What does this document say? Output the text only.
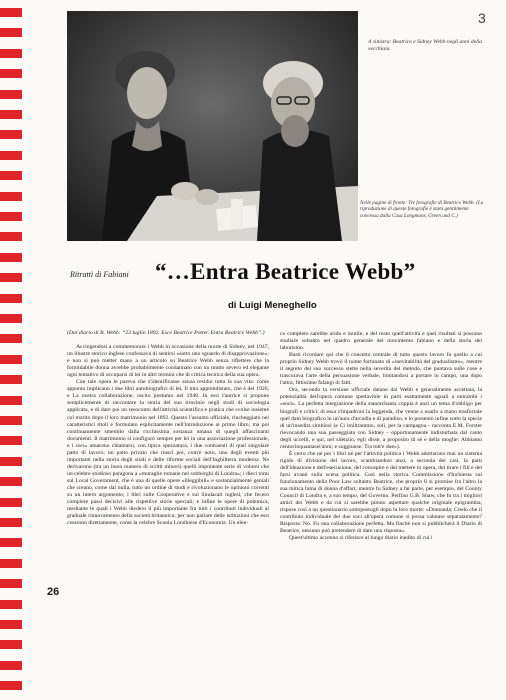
3
A sinistra: Beatrice e Sidney Webb negli anni della vecchiaia.
Nelle pagine di fronte: Tre fotografie di Beatrice Webb. (La riproduzione di queste fotografie è stata gentilmente concessa dalla Casa Longmans, Green and C.)
Ritratti di Fabiani “…Entra Beatrice Webb”
di Luigi Meneghello

(Dal diario di B. Webb: “23 luglio 1892. Esce Beatrice Potter. Entra Beatrice Webb”.)

Accingendosi a commemorare i Webb in occasione della morte di Sidney, nel 1947, un illustre storico inglese confessava di sentirsi «sotto uno sguardo di disapprovazione»: e non si può metter mano a un articolo su Beatrice Webb senza riflettere che la formidabile donna avrebbe probabilmente condannato con un mutto severo ed elegante ogni tentativo di occuparsi di lei in altri termini che di critica tecnica della sua opera.

Con tale opera le pareva che s'identificasse senza residui tutta la sua vita: come appunto implicano i due libri autobiografici di lei, Il mio apprendistato, che è del 1926, e La nostra collaborazione, uscito postumo nel 1948. In essi l'autrice si propone semplicemente di raccontare la storia del suo tirocinio negli studi di sociologia applicata, e di dare poi un resoconto dell'attività scientifica e pratica che svolse insieme col marito dopo il loro matrimonio nel 1892. Questo l'assunto ufficiale, rincheggiato nei caratteristici titoli e formulato esplicitamente nell'introduzione ai primo libro; ma poi continuamente smentito dalla ricchissima sostanza umana di quegli affascinanti documenti. Il matrimonio si configurò sempre per lei in una associazione professionale, e i soci» amarono chiamarsi, con tipica spezzatura, i due contraenti di quel singolare patto di lavoro; un patto privato che riuscì poi, com'è noto, uno degli eventi più importanti nella storia degli studi e delle riforme sociali dell'Inghilterra moderna. Ne derivarono (tra un buon numero di scritti minori) quelli imponente serie di volumi che un celebre studioso paragona a «muraglie romane nei sobborghi di Londra»; i dieci tomi sul Local Government, che è una di quelle opere «illeggibili» e sostanzialmente geniali che creano, come dal nulla, tutto un ordine di studi e rivoluzionano le opinioni correnti su un intero argomento; i libri sulle Cooperative e sui Sindacati inglesi, che fecero compiere passi decisivi alle rispettive storie speciali; e infine le opere di polemica, mediante le quali i Webb diedero il più importante fra tutti i contributi individuali al graduale rinnovamento della società britannica; per non parlare delle istituzioni che essi crearono direttamente, come la celebre Scuola Londinese d'Economia. Un elen-

co completo sarebbe arido e inutile; e del resto quell'attività e quei risultati si possono studiare soltanto nel quadro generale del movimento fabiano e della storia del laburismo.

Basti ricordare qui che il concetto centrale di tutto questo lavoro fu quello a cui proprio Sidney Webb trovò il nome fortunato di «inevitabilità del gradualismo», mentre il segreto del suo successo stette nella severità del metodo, che puntava sulle cose e trascurava l'arte della persuasione verbale, limitandosi a portare in campo, una dopo l'altra, fittissime falangi di fatti.

Ora, secondo la versione ufficiale datane dai Webb e generalmente accettata, la potenzialità dell'opera comune spettavible in parti esattamente uguali a entrambi i «soci». La perfetta integrazione della stanotchauta coppia è anzi un tema d'obbligo per biografi e critici: di essa s'impadronì la leggenda, che venne a usarlo a mano trasforrale quel dato biografico in un'aura d'arcadia e di paradiso, e lo presentò infine sotto la specie di un'insedita simbiosi (e Ci imiltrammo, soli, per la campagna - racconta E.M. Forster rievocando una sua passeggiata con Sidney - opportunamente indisturbata dal canto degli uccelli, e qui, nel silenzio, egli disse, a proposito di sé e della moglie: Abbiamo centocinquantasei'anni; e soggiunse: Tra tutt'e due»).

È certo che né per i libri né per l'attività politica i Webb adottarono mai un sistema rigido di divisione del lavoro, scambiandosi anzi, a seconda dei casi, la parti dell'ideazione e dell'esecuzione, del concepire e del mettere in opera, del tirare i fili e del farsi avanti sulla scena politica. Così nella storica Commissione d'Inchiesta sul funzionamento della Poor Law soltanto Beatrice, che proprio lì si promise fra l'altro la sua mitica fama di donna d'affari; mentre fu Sidney a far parte, per esempio, del County Council di Londra e, a suo tempo, del Governo. Perfino G.B. Shaw, che fu tra i migliori amici dei Webb e da cui si sarebbe potuto aspettare qualche originale epigramma, rispose così a un questionario sottopostogli dopo la loro morte: «Domanda: Credo che il contributo individuale dei due soci all'opera comune si possa valutare separatamente? Risposta: No. Fu una collaborazione perfetta. Ma finché non si pubblicherà il Diario di Beatrice, nessuno può pretendere di dare una risposta».

Quest'ultimo accenno si riferisce al lungo diario inedito di cui i

26
